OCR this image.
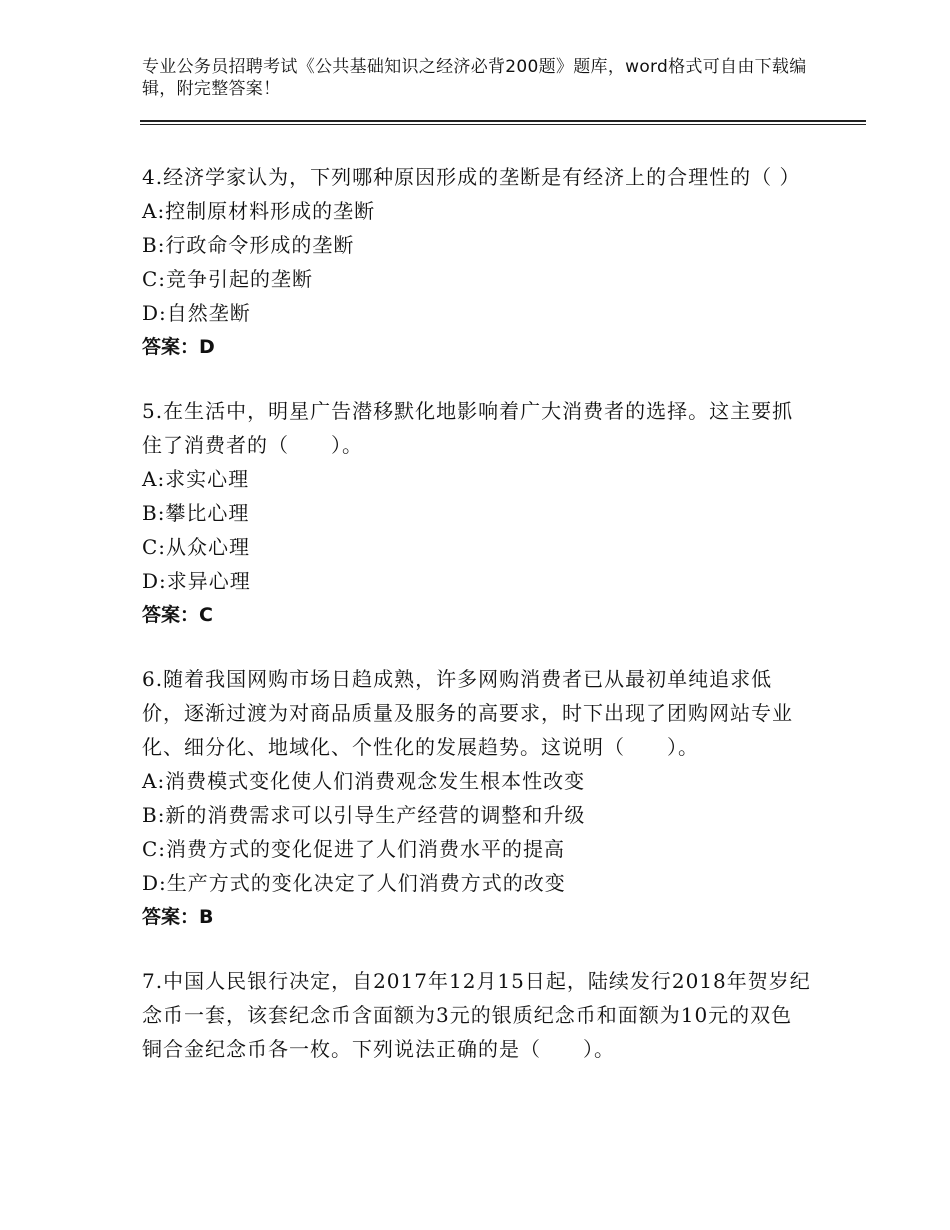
专业公务员招聘考试《公共基础知识之经济必背200题》题库，word格式可自由下载编辑，附完整答案！
4.经济学家认为，下列哪种原因形成的垄断是有经济上的合理性的（ ）
A:控制原材料形成的垄断
B:行政命令形成的垄断
C:竞争引起的垄断
D:自然垄断
答案：D
5.在生活中，明星广告潜移默化地影响着广大消费者的选择。这主要抓住了消费者的（　　）。
A:求实心理
B:攀比心理
C:从众心理
D:求异心理
答案：C
6.随着我国网购市场日趋成熟，许多网购消费者已从最初单纯追求低价，逐渐过渡为对商品质量及服务的高要求，时下出现了团购网站专业化、细分化、地域化、个性化的发展趋势。这说明（　　）。
A:消费模式变化使人们消费观念发生根本性改变
B:新的消费需求可以引导生产经营的调整和升级
C:消费方式的变化促进了人们消费水平的提高
D:生产方式的变化决定了人们消费方式的改变
答案：B
7.中国人民银行决定，自2017年12月15日起，陆续发行2018年贺岁纪念币一套，该套纪念币含面额为3元的银质纪念币和面额为10元的双色铜合金纪念币各一枚。下列说法正确的是（　　）。
